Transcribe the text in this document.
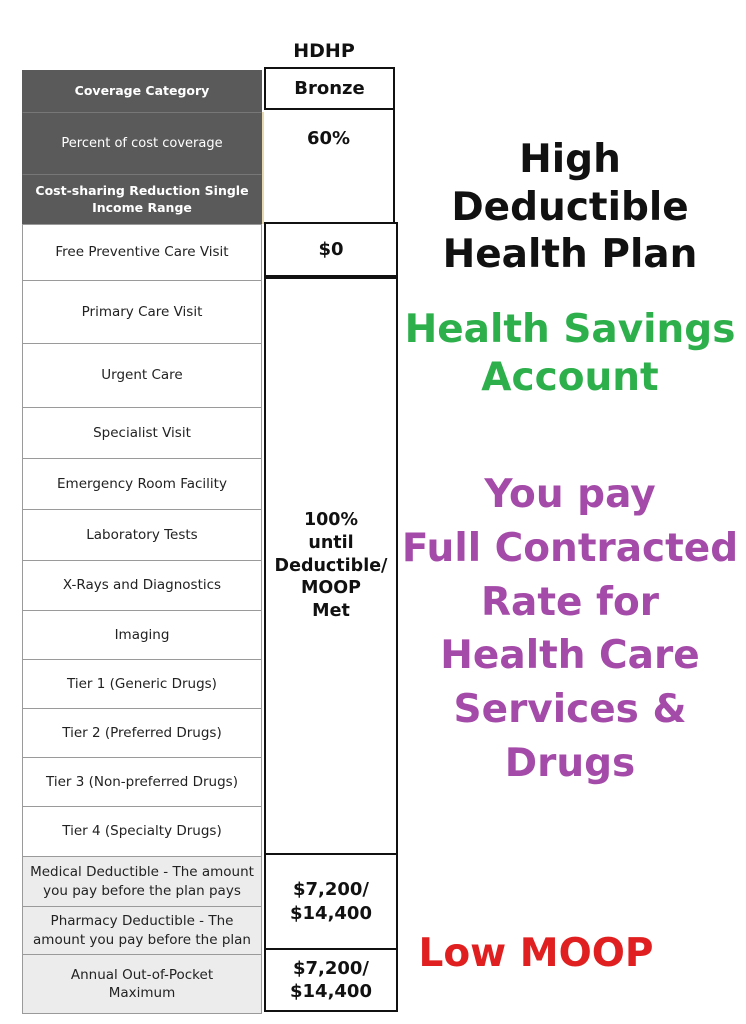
HDHP
Coverage Category
Percent of cost coverage
Cost-sharing Reduction Single Income Range
Free Preventive Care Visit
Primary Care Visit
Urgent Care
Specialist Visit
Emergency Room Facility
Laboratory Tests
X-Rays and Diagnostics
Imaging
Tier 1 (Generic Drugs)
Tier 2 (Preferred Drugs)
Tier 3 (Non-preferred Drugs)
Tier 4 (Specialty Drugs)
Medical Deductible - The amount you pay before the plan pays
Pharmacy Deductible - The amount you pay before the plan
Annual Out-of-Pocket Maximum
Bronze
60%
$0
100%
until
Deductible/
MOOP
Met
$7,200/
$14,400
$7,200/
$14,400
High Deductible
Health Plan
Health Savings
Account
You pay
Full Contracted
Rate for
Health Care
Services &
Drugs
Low MOOP
